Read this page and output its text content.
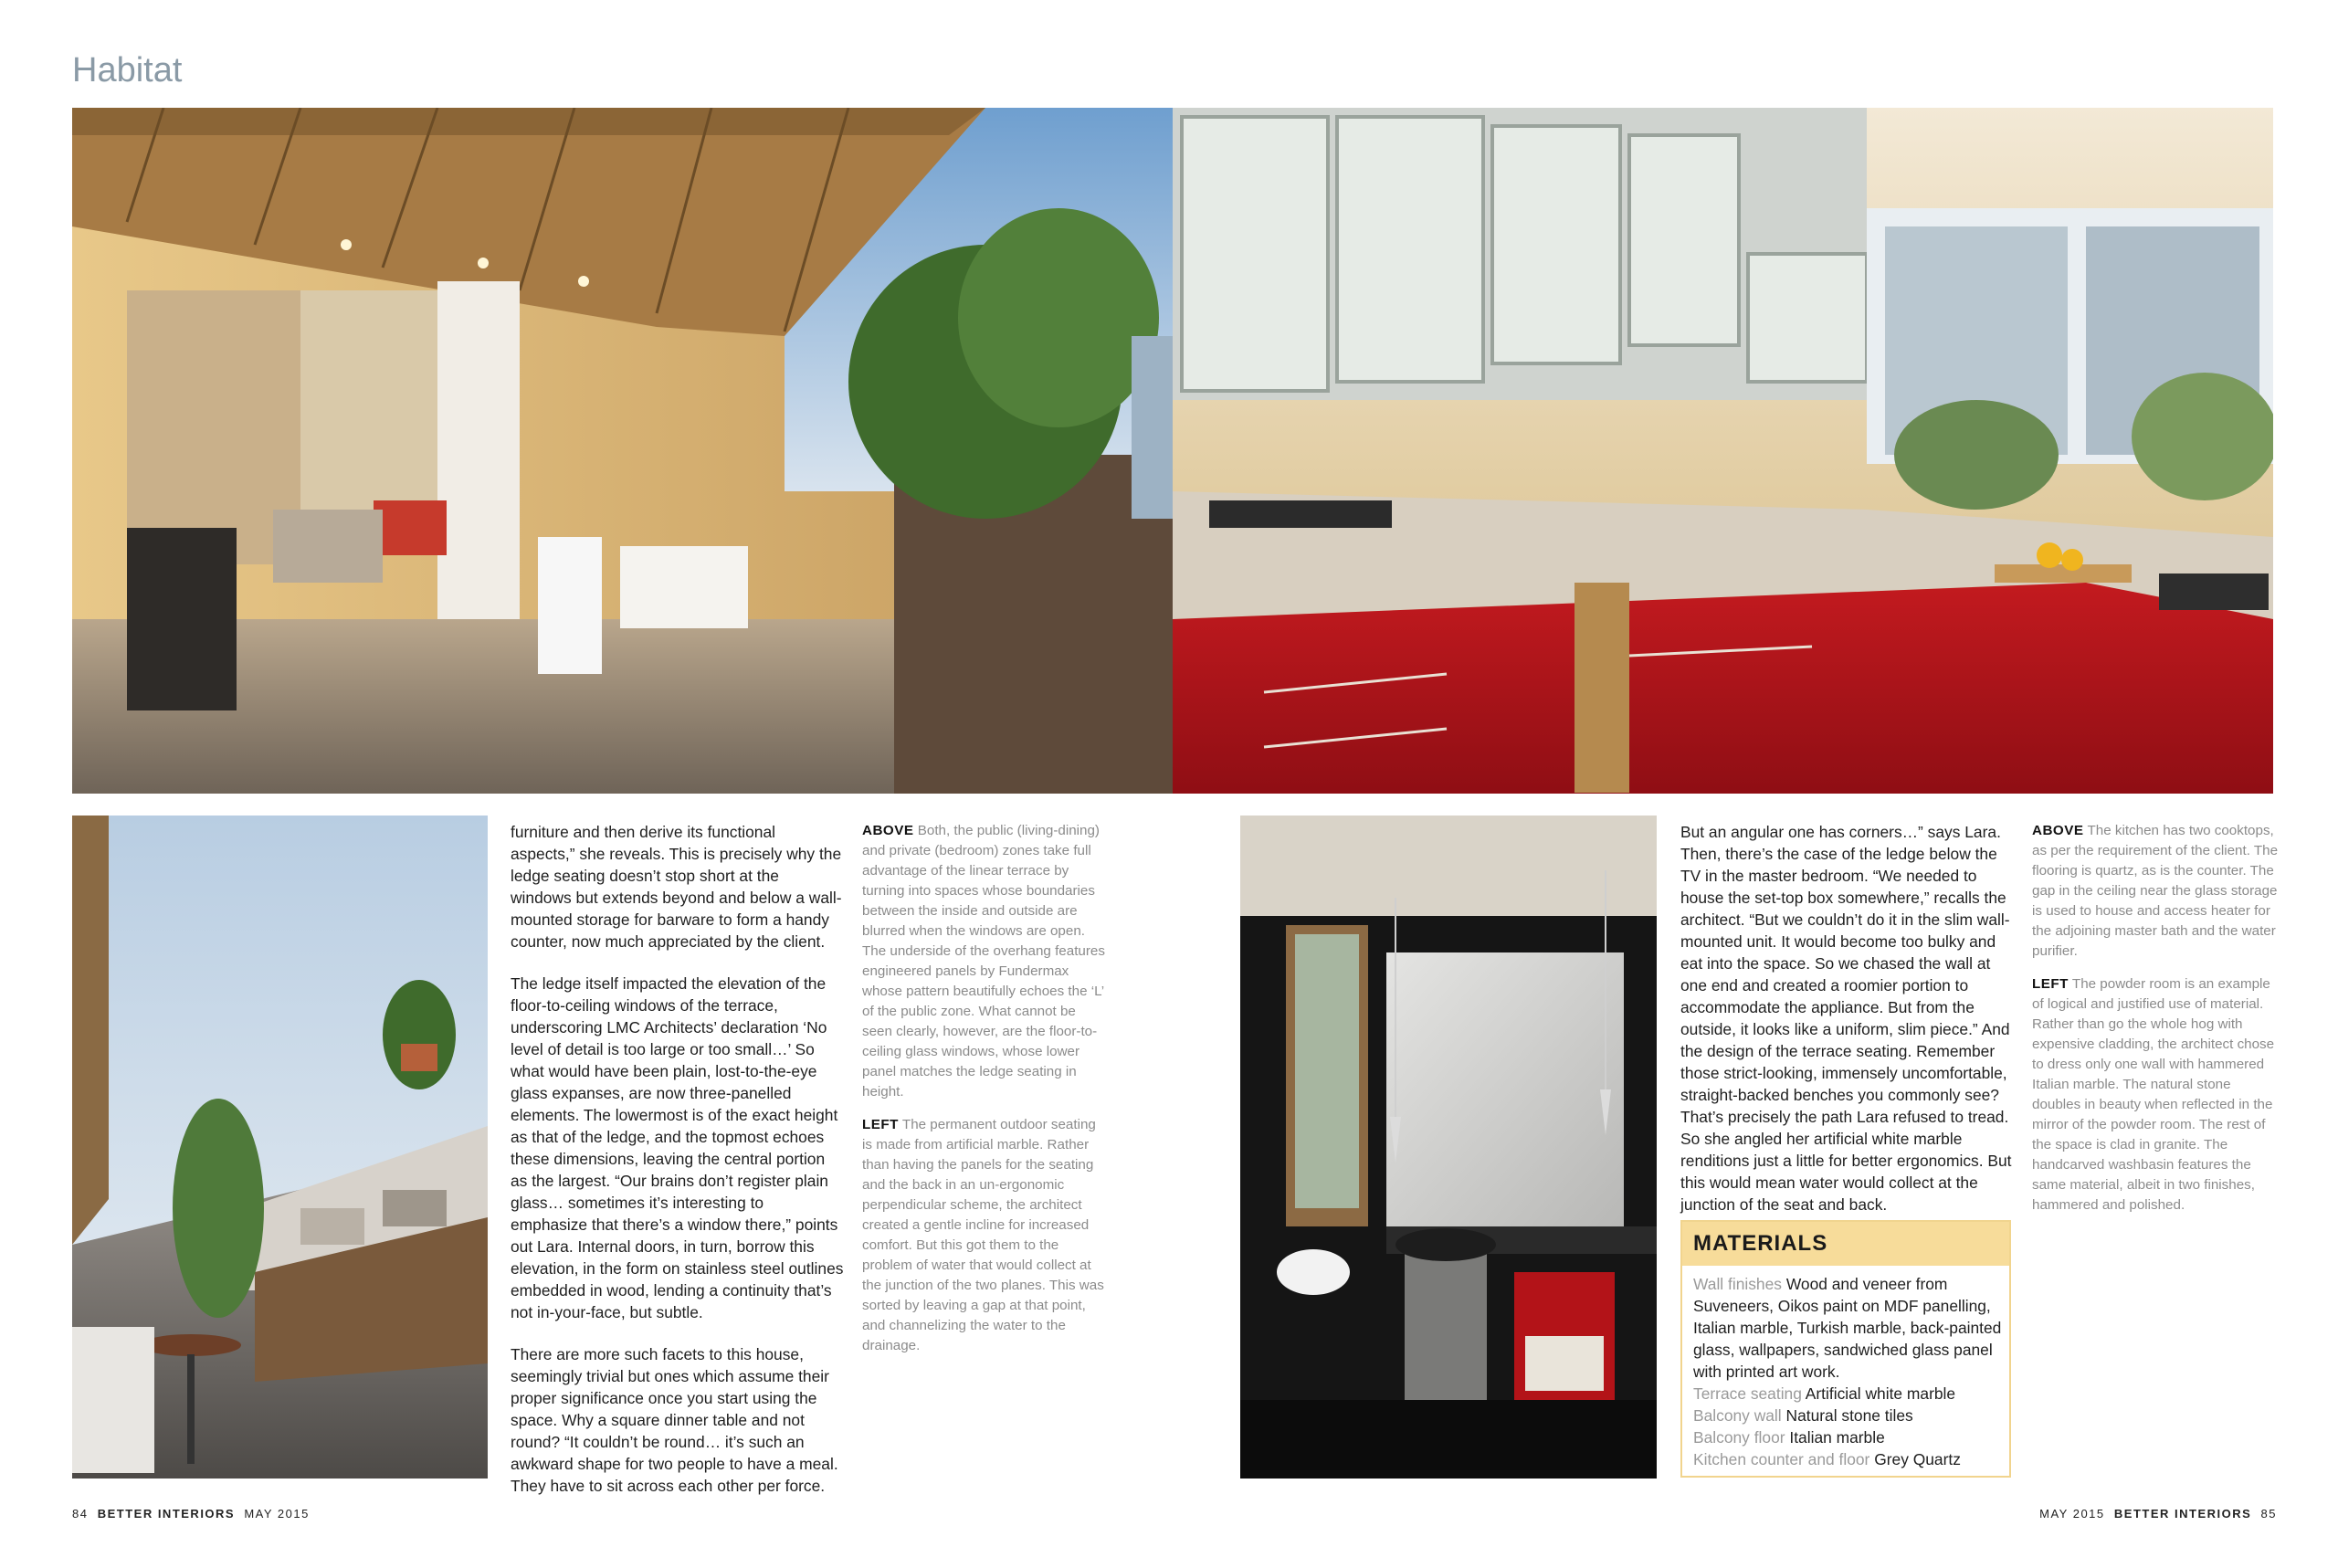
Habitat

furniture and then derive its functional aspects,” she reveals. This is precisely why the ledge seating doesn’t stop short at the windows but extends beyond and below a wall-mounted storage for barware to form a handy counter, now much appreciated by the client.

The ledge itself impacted the elevation of the floor-to-ceiling windows of the terrace, underscoring LMC Architects’ declaration ‘No level of detail is too large or too small…’ So what would have been plain, lost-to-the-eye glass expanses, are now three-panelled elements. The lowermost is of the exact height as that of the ledge, and the topmost echoes these dimensions, leaving the central portion as the largest. “Our brains don’t register plain glass… sometimes it’s interesting to emphasize that there’s a window there,” points out Lara. Internal doors, in turn, borrow this elevation, in the form on stainless steel outlines embedded in wood, lending a continuity that’s not in-your-face, but subtle.

There are more such facets to this house, seemingly trivial but ones which assume their proper significance once you start using the space. Why a square dinner table and not round? “It couldn’t be round… it’s such an awkward shape for two people to have a meal. They have to sit across each other per force.

ABOVE Both, the public (living-dining) and private (bedroom) zones take full advantage of the linear terrace by turning into spaces whose boundaries between the inside and outside are blurred when the windows are open. The underside of the overhang features engineered panels by Fundermax whose pattern beautifully echoes the ‘L’ of the public zone. What cannot be seen clearly, however, are the floor-to-ceiling glass windows, whose lower panel matches the ledge seating in height.

LEFT The permanent outdoor seating is made from artificial marble. Rather than having the panels for the seating and the back in an un-ergonomic perpendicular scheme, the architect created a gentle incline for increased comfort. But this got them to the problem of water that would collect at the junction of the two planes. This was sorted by leaving a gap at that point, and channelizing the water to the drainage.

But an angular one has corners…” says Lara. Then, there’s the case of the ledge below the TV in the master bedroom. “We needed to house the set-top box somewhere,” recalls the architect. “But we couldn’t do it in the slim wall-mounted unit. It would become too bulky and eat into the space. So we chased the wall at one end and created a roomier portion to accommodate the appliance. But from the outside, it looks like a uniform, slim piece.” And the design of the terrace seating. Remember those strict-looking, immensely uncomfortable, straight-backed benches you commonly see? That’s precisely the path Lara refused to tread. So she angled her artificial white marble renditions just a little for better ergonomics. But this would mean water would collect at the junction of the seat and back.

MATERIALS
Wall finishes Wood and veneer from Suveneers, Oikos paint on MDF panelling, Italian marble, Turkish marble, back-painted glass, wallpapers, sandwiched glass panel with printed art work.
Terrace seating Artificial white marble
Balcony wall Natural stone tiles
Balcony floor Italian marble
Kitchen counter and floor Grey Quartz

ABOVE The kitchen has two cooktops, as per the requirement of the client. The flooring is quartz, as is the counter. The gap in the ceiling near the glass storage is used to house and access heater for the adjoining master bath and the water purifier.

LEFT The powder room is an example of logical and justified use of material. Rather than go the whole hog with expensive cladding, the architect chose to dress only one wall with hammered Italian marble. The natural stone doubles in beauty when reflected in the mirror of the powder room. The rest of the space is clad in granite. The handcarved washbasin features the same material, albeit in two finishes, hammered and polished.

84 BETTER INTERIORS MAY 2015	MAY 2015 BETTER INTERIORS 85
